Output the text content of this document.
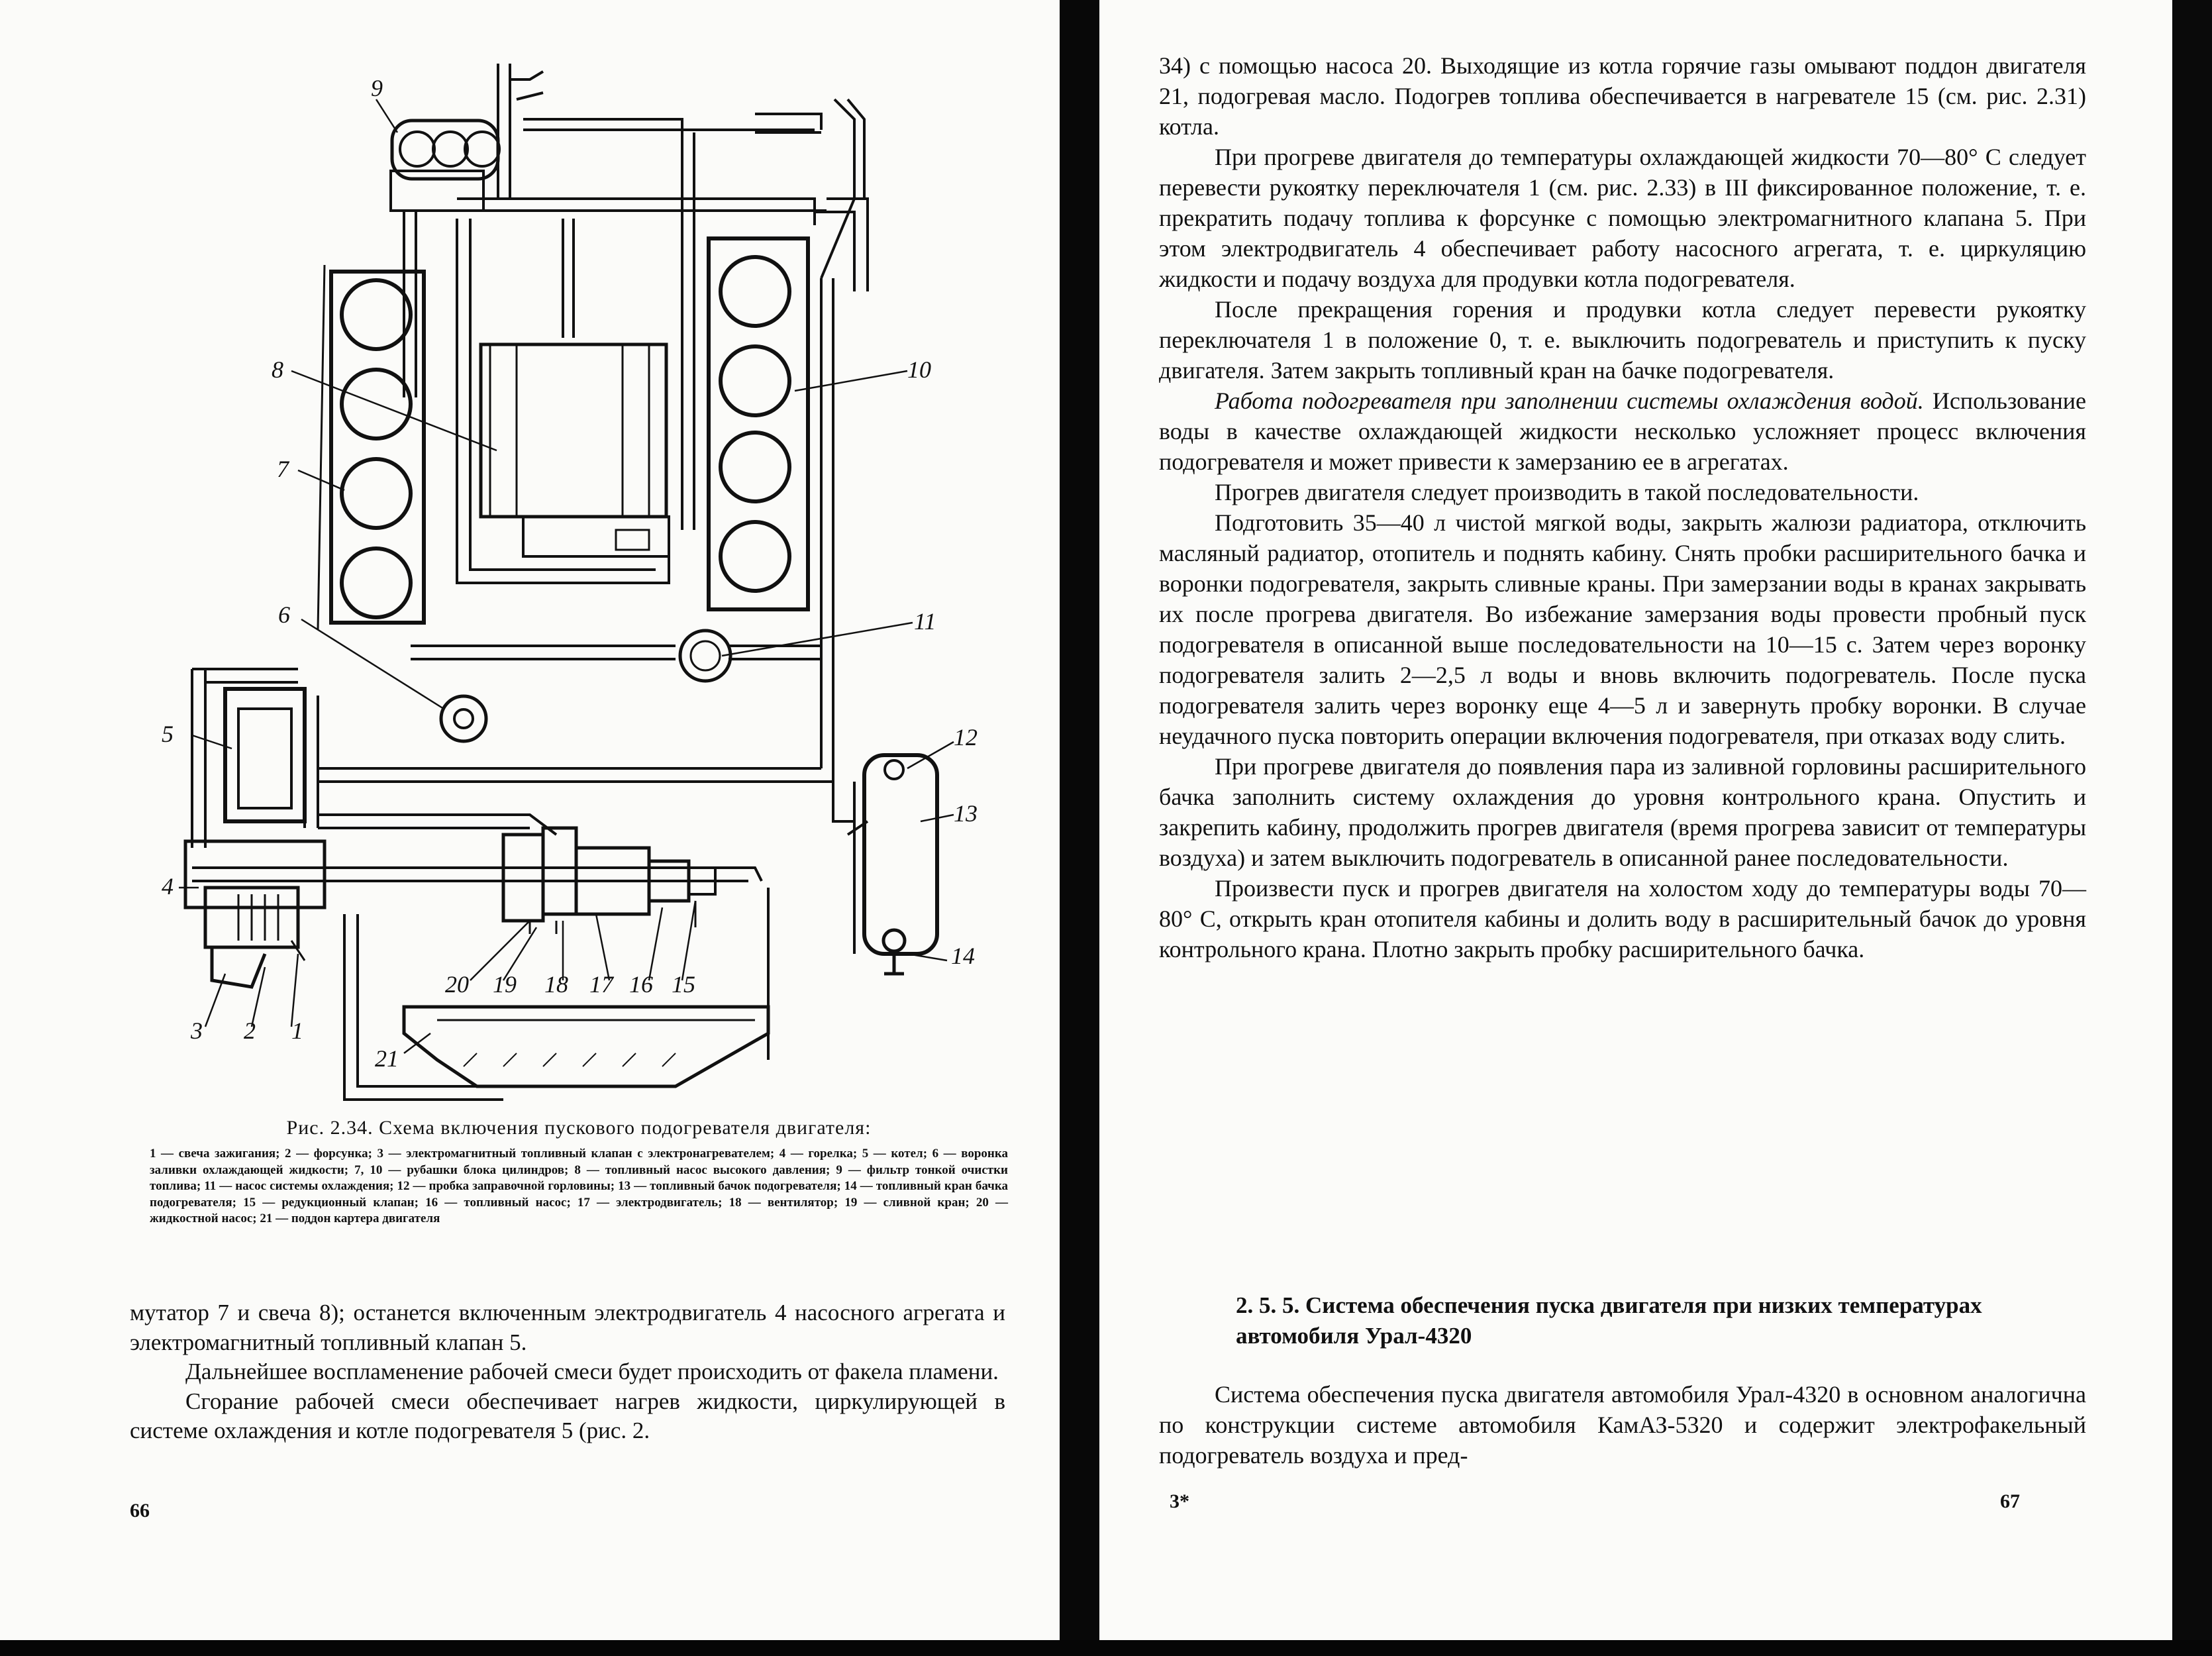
1
2
3
4
5
6
7
8
9
10
11
12
13
14
15
16
17
18
19
20
21

Рис. 2.34. Схема включения пускового подогревателя двигателя:

1 — свеча зажигания; 2 — форсунка; 3 — электромагнитный топливный клапан с электронагревателем; 4 — горелка; 5 — котел; 6 — воронка заливки охлаждающей жидкости; 7, 10 — рубашки блока цилиндров; 8 — топливный насос высокого давления; 9 — фильтр тонкой очистки топлива; 11 — насос системы охлаждения; 12 — пробка заправочной горловины; 13 — топливный бачок подогревателя; 14 — топливный кран бачка подогревателя; 15 — редукционный клапан; 16 — топливный насос; 17 — электродвигатель; 18 — вентилятор; 19 — сливной кран; 20 — жидкостной насос; 21 — поддон картера двигателя

мутатор 7 и свеча 8); останется включенным электродвигатель 4 насосного агрегата и электромагнитный топливный клапан 5.

Дальнейшее воспламенение рабочей смеси будет происходить от факела пламени.

Сгорание рабочей смеси обеспечивает нагрев жидкости, циркулирующей в системе охлаждения и котле подогревателя 5 (рис. 2.

66

34) с помощью насоса 20. Выходящие из котла горячие газы омывают поддон двигателя 21, подогревая масло. Подогрев топлива обеспечивается в нагревателе 15 (см. рис. 2.31) котла.

При прогреве двигателя до температуры охлаждающей жидкости 70—80° С следует перевести рукоятку переключателя 1 (см. рис. 2.33) в III фиксированное положение, т. е. прекратить подачу топлива к форсунке с помощью электромагнитного клапана 5. При этом электродвигатель 4 обеспечивает работу насосного агрегата, т. е. циркуляцию жидкости и подачу воздуха для продувки котла подогревателя.

После прекращения горения и продувки котла следует перевести рукоятку переключателя 1 в положение 0, т. е. выключить подогреватель и приступить к пуску двигателя. Затем закрыть топливный кран на бачке подогревателя.

Работа подогревателя при заполнении системы охлаждения водой. Использование воды в качестве охлаждающей жидкости несколько усложняет процесс включения подогревателя и может привести к замерзанию ее в агрегатах.

Прогрев двигателя следует производить в такой последовательности.

Подготовить 35—40 л чистой мягкой воды, закрыть жалюзи радиатора, отключить масляный радиатор, отопитель и поднять кабину. Снять пробки расширительного бачка и воронки подогревателя, закрыть сливные краны. При замерзании воды в кранах закрывать их после прогрева двигателя. Во избежание замерзания воды провести пробный пуск подогревателя в описанной выше последовательности на 10—15 с. Затем через воронку подогревателя залить 2—2,5 л воды и вновь включить подогреватель. После пуска подогревателя залить через воронку еще 4—5 л и завернуть пробку воронки. В случае неудачного пуска повторить операции включения подогревателя, при отказах воду слить.

При прогреве двигателя до появления пара из заливной горловины расширительного бачка заполнить систему охлаждения до уровня контрольного крана. Опустить и закрепить кабину, продолжить прогрев двигателя (время прогрева зависит от температуры воздуха) и затем выключить подогреватель в описанной ранее последовательности.

Произвести пуск и прогрев двигателя на холостом ходу до температуры воды 70—80° С, открыть кран отопителя кабины и долить воду в расширительный бачок до уровня контрольного крана. Плотно закрыть пробку расширительного бачка.

2. 5. 5. Система обеспечения пуска двигателя при низких температурах автомобиля Урал-4320

Система обеспечения пуска двигателя автомобиля Урал-4320 в основном аналогична по конструкции системе автомобиля КамАЗ-5320 и содержит электрофакельный подогреватель воздуха и пред-

3*	67
